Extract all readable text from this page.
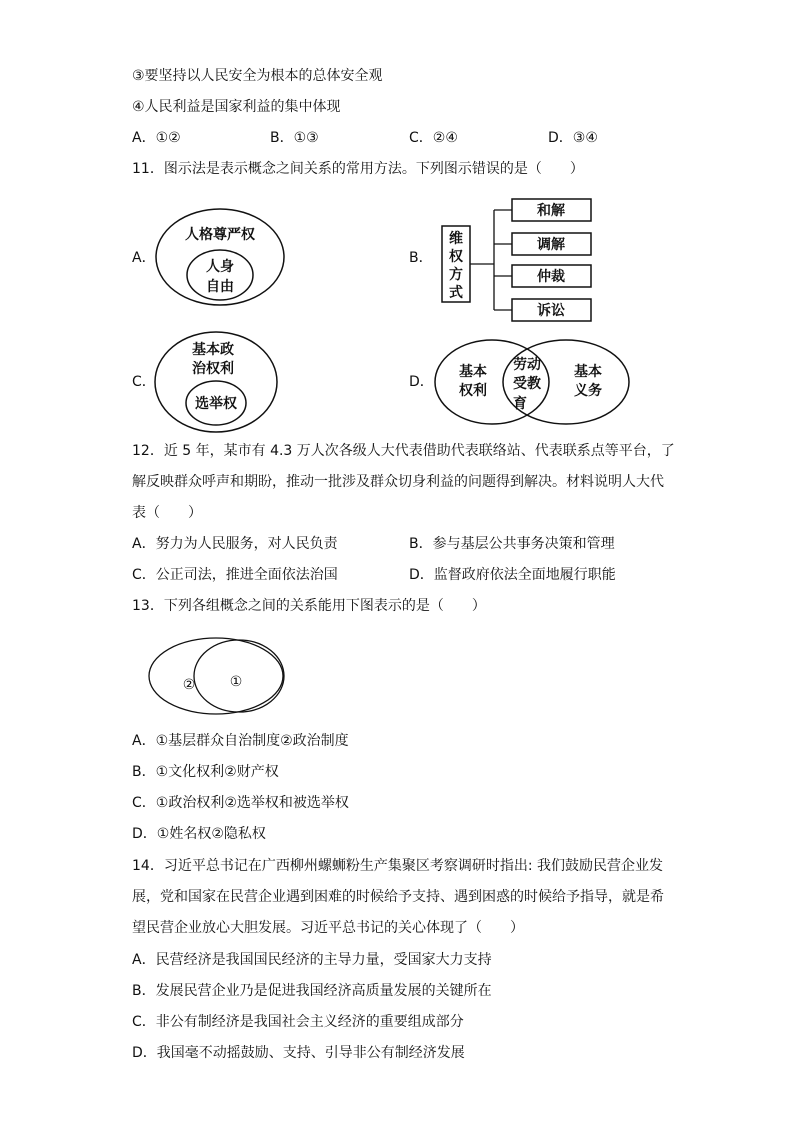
③要坚持以人民安全为根本的总体安全观
④人民利益是国家利益的集中体现
A．①②	B．①③	C．②④	D．③④
11．图示法是表示概念之间关系的常用方法。下列图示错误的是（　　）
A．	B．
C．	D．
人格尊严权
人身
自由
维
权
方
式
和解
调解
仲裁
诉讼
基本政
治权利
选举权
基本
权利
劳动
受教
育
基本
义务
12．近 5 年，某市有 4.3 万人次各级人大代表借助代表联络站、代表联系点等平台，了
解反映群众呼声和期盼，推动一批涉及群众切身利益的问题得到解决。材料说明人大代
表（　　）
A．努力为人民服务，对人民负责	B．参与基层公共事务决策和管理
C．公正司法，推进全面依法治国	D．监督政府依法全面地履行职能
13．下列各组概念之间的关系能用下图表示的是（　　）
② ①
A．①基层群众自治制度②政治制度
B．①文化权利②财产权
C．①政治权利②选举权和被选举权
D．①姓名权②隐私权
14．习近平总书记在广西柳州螺蛳粉生产集聚区考察调研时指出: 我们鼓励民营企业发
展，党和国家在民营企业遇到困难的时候给予支持、遇到困惑的时候给予指导，就是希
望民营企业放心大胆发展。习近平总书记的关心体现了（　　）
A．民营经济是我国国民经济的主导力量，受国家大力支持
B．发展民营企业乃是促进我国经济高质量发展的关键所在
C．非公有制经济是我国社会主义经济的重要组成部分
D．我国毫不动摇鼓励、支持、引导非公有制经济发展
